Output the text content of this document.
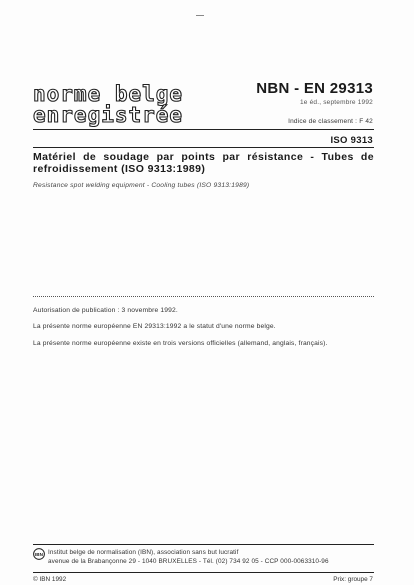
norme belge
enregistrée
NBN - EN 29313
1e éd., septembre 1992
Indice de classement : F 42
ISO 9313
Matériel de soudage par points par résistance - Tubes de refroidissement (ISO 9313:1989)
Resistance spot welding equipment - Cooling tubes (ISO 9313:1989)
Autorisation de publication : 3 novembre 1992.
La présente norme européenne EN 29313:1992 a le statut d'une norme belge.
La présente norme européenne existe en trois versions officielles (allemand, anglais, français).
IBN Institut belge de normalisation (IBN), association sans but lucratif
avenue de la Brabançonne 29 - 1040 BRUXELLES - Tél. (02) 734 92 05 - CCP 000-0063310-96
© IBN 1992	Prix: groupe 7
